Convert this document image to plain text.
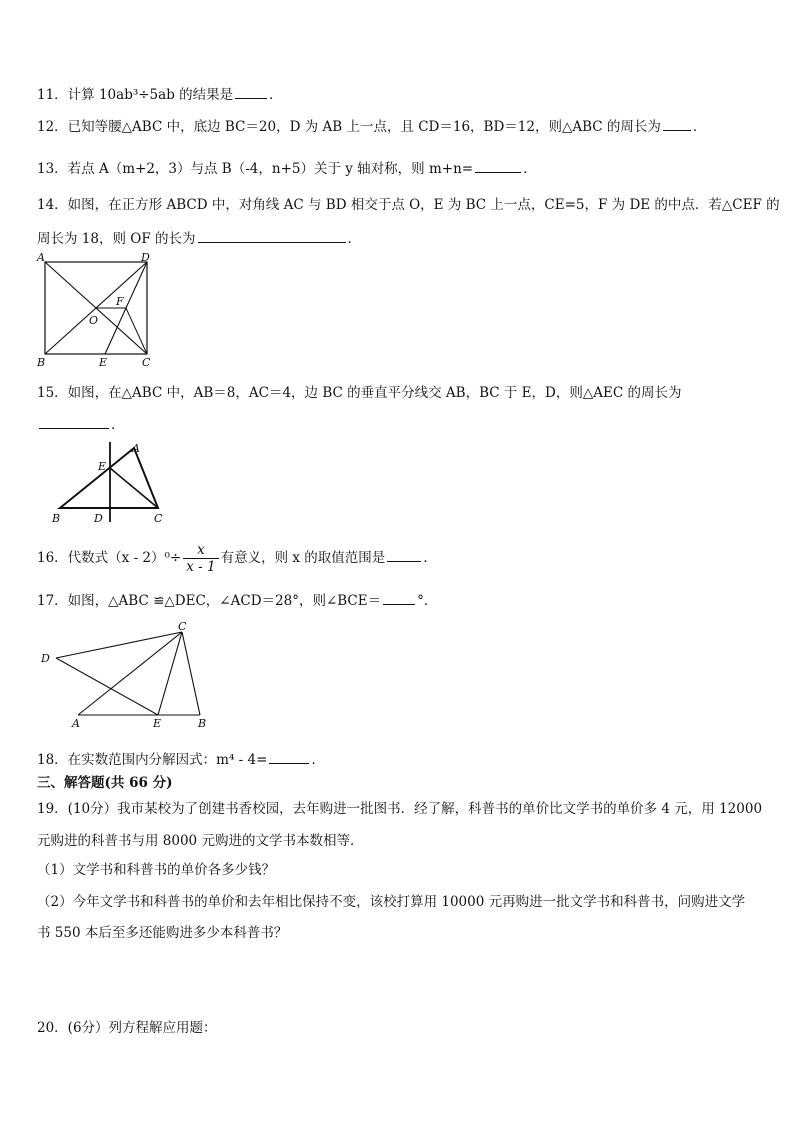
11．计算 10ab³÷5ab 的结果是	．
12．已知等腰△ABC 中，底边 BC＝20，D 为 AB 上一点，且 CD＝16，BD＝12，则△ABC 的周长为 ．
13．若点 A（m+2，3）与点 B（-4，n+5）关于 y 轴对称，则 m+n=	．
14．如图，在正方形 ABCD 中，对角线 AC 与 BD 相交于点 O，E 为 BC 上一点，CE=5，F 为 DE 的中点．若△CEF 的
周长为 18，则 OF 的长为	．
A	D
B	C
E
O
F
15．如图，在△ABC 中，AB＝8，AC＝4，边 BC 的垂直平分线交 AB，BC 于 E，D，则△AEC 的周长为
．
A
E
B	D	C
16．代数式$(x - 2)^0\div \frac{x}{x - 1}$ 有意义，则 x 的取值范围是	．
17．如图，△ABC ≌△DEC，∠ACD＝28°，则∠BCE＝	°．
C
D
A	E	B
18．在实数范围内分解因式：m⁴ - 4=	．
三、解答题(共 66 分)
19．(10分）我市某校为了创建书香校园，去年购进一批图书．经了解，科普书的单价比文学书的单价多 4 元，用 12000
元购进的科普书与用 8000 元购进的文学书本数相等．
（1）文学书和科普书的单价各多少钱？
（2）今年文学书和科普书的单价和去年相比保持不变，该校打算用 10000 元再购进一批文学书和科普书，问购进文学
书 550 本后至多还能购进多少本科普书？
20．(6分）列方程解应用题：
